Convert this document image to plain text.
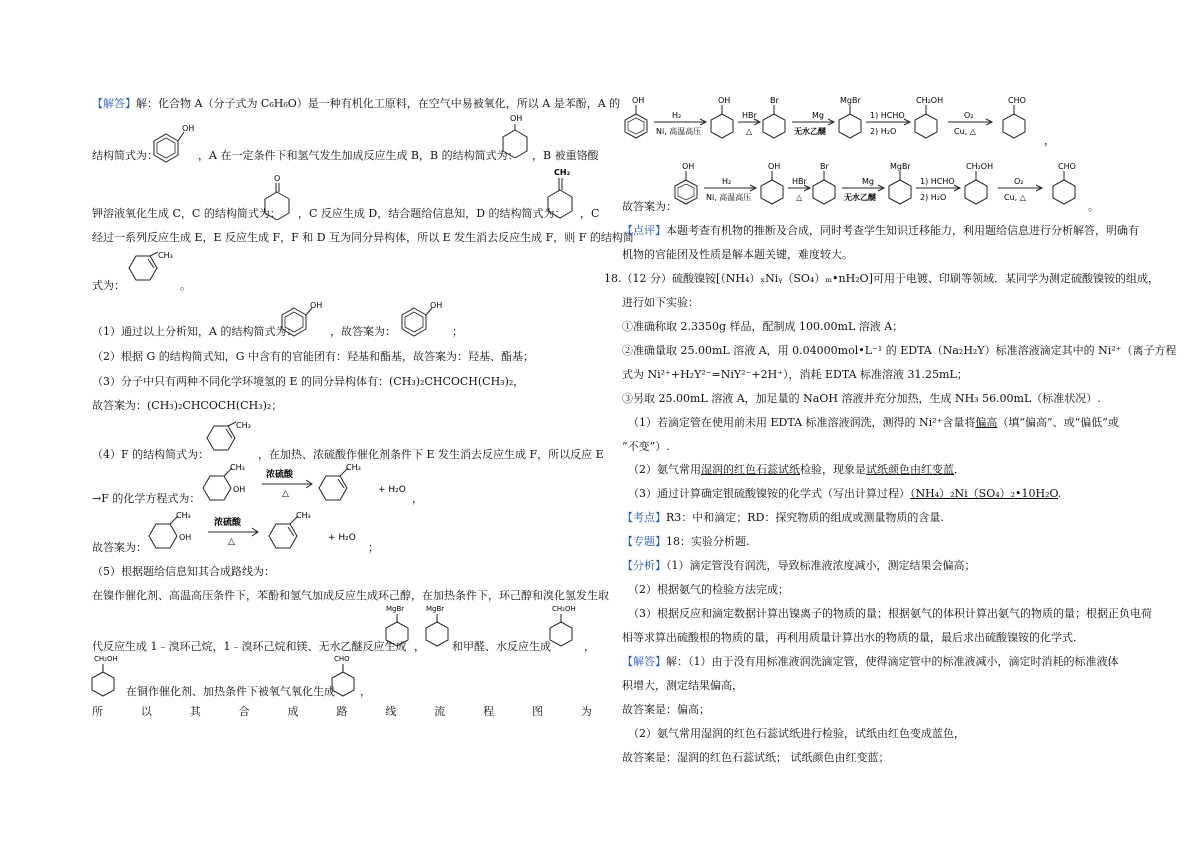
【解答】解：化合物 A（分子式为 C₆H₆O）是一种有机化工原料，在空气中易被氧化，所以 A 是苯酚，A 的
结构简式为：
OH
，A 在一定条件下和氢气发生加成反应生成 B，B 的结构简式为：
OH
，B 被重铬酸
钾溶液氧化生成 C，C 的结构简式为：
O
，C 反应生成 D，结合题给信息知，D 的结构简式为：
CH₂
，C
经过一系列反应生成 E，E 反应生成 F，F 和 D 互为同分异构体，所以 E 发生消去反应生成 F，则 F 的结构简
式为：
CH₃
。
（1）通过以上分析知，A 的结构简式为：
OH
，故答案为：
OH
；
（2）根据 G 的结构简式知，G 中含有的官能团有：羟基和酯基，故答案为：羟基、酯基；
（3）分子中只有两种不同化学环境氢的 E 的同分异构体有：(CH₃)₂CHCOCH(CH₃)₂，
故答案为：(CH₃)₂CHCOCH(CH₃)₂；
（4）F 的结构简式为：
CH₃
，在加热、浓硫酸作催化剂条件下 E 发生消去反应生成 F，所以反应 E
→F 的化学方程式为：
CH₃
OH
浓硫酸
△
CH₃
+ H₂O
，
故答案为：
CH₃
OH
浓硫酸
△
CH₃
+ H₂O
；
（5）根据题给信息知其合成路线为：
在镍作催化剂、高温高压条件下，苯酚和氢气加成反应生成环己醇，在加热条件下，环己醇和溴化氢发生取
代反应生成 1﹣溴环己烷，1﹣溴环己烷和镁、无水乙醚反应生成
MgBr
，
MgBr
和甲醛、水反应生成
CH₂OH
，
CH₂OH
在铜作催化剂、加热条件下被氧气氧化生成
CHO
，
所	以	其	合	成	路	线	流	程	图	为
OH
H₂
Ni, 高温高压
OH
HBr
△
Br
Mg
无水乙醚
MgBr
1) HCHO
2) H₂O
CH₂OH
O₂
Cu, △
CHO
，
故答案为：
OH
H₂
Ni, 高温高压
OH
HBr
△
Br
Mg
无水乙醚
MgBr
1) HCHO
2) H₂O
CH₂OH
O₂
Cu, △
CHO
。
【点评】本题考查有机物的推断及合成，同时考查学生知识迁移能力，利用题给信息进行分析解答，明确有
机物的官能团及性质是解本题关键，难度较大。
18.（12 分）硫酸镍铵[（NH₄）ₓNiᵧ（SO₄）ₘ•nH₂O]可用于电镀、印刷等领域．某同学为测定硫酸镍铵的组成，
进行如下实验：
①准确称取 2.3350g 样品，配制成 100.00mL 溶液 A；
②准确量取 25.00mL 溶液 A，用 0.04000mol•L⁻¹ 的 EDTA（Na₂H₂Y）标准溶液滴定其中的 Ni²⁺（离子方程
式为 Ni²⁺+H₂Y²⁻=NiY²⁻+2H⁺），消耗 EDTA 标准溶液 31.25mL；
③另取 25.00mL 溶液 A，加足量的 NaOH 溶液并充分加热，生成 NH₃ 56.00mL（标准状况）.
（1）若滴定管在使用前未用 EDTA 标准溶液润洗，测得的 Ni²⁺含量将偏高（填“偏高”、或“偏低”或
“不变”）.
（2）氨气常用湿润的红色石蕊试纸检验，现象是试纸颜色由红变蓝．
（3）通过计算确定银硫酸镍铵的化学式（写出计算过程）（NH₄）₂Ni（SO₄）₂•10H₂O.
【考点】R3：中和滴定；RD：探究物质的组成或测量物质的含量.
【专题】18：实验分析题.
【分析】（1）滴定管没有润洗，导致标准液浓度减小，测定结果会偏高；
（2）根据氨气的检验方法完成；
（3）根据反应和滴定数据计算出镍离子的物质的量；根据氨气的体积计算出氨气的物质的量；根据正负电荷
相等求算出硫酸根的物质的量，再利用质量计算出水的物质的量，最后求出硫酸镍铵的化学式．
【解答】解：（1）由于没有用标准液润洗滴定管，使得滴定管中的标准液减小，滴定时消耗的标准液体
积增大，测定结果偏高，
故答案是：偏高；
（2）氨气常用湿润的红色石蕊试纸进行检验，试纸由红色变成蓝色，
故答案是：湿润的红色石蕊试纸； 试纸颜色由红变蓝；
